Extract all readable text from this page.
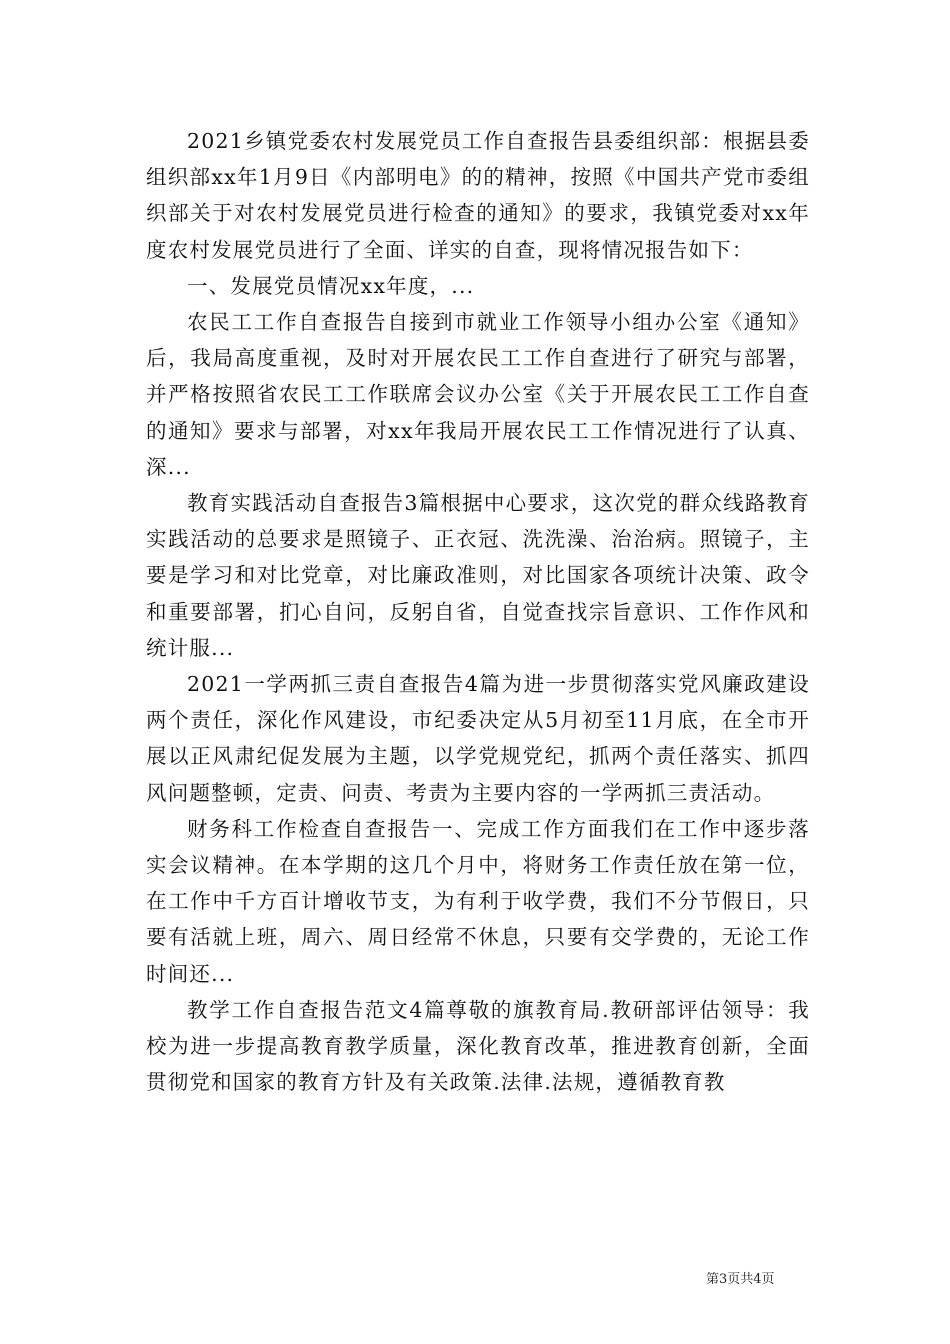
2021乡镇党委农村发展党员工作自查报告县委组织部：根据县委组织部xx年1月9日《内部明电》的的精神，按照《中国共产党市委组织部关于对农村发展党员进行检查的通知》的要求，我镇党委对xx年度农村发展党员进行了全面、详实的自查，现将情况报告如下：

一、发展党员情况xx年度，...

农民工工作自查报告自接到市就业工作领导小组办公室《通知》后，我局高度重视，及时对开展农民工工作自查进行了研究与部署，并严格按照省农民工工作联席会议办公室《关于开展农民工工作自查的通知》要求与部署，对xx年我局开展农民工工作情况进行了认真、深...

教育实践活动自查报告3篇根据中心要求，这次党的群众线路教育实践活动的总要求是照镜子、正衣冠、洗洗澡、治治病。照镜子，主要是学习和对比党章，对比廉政准则，对比国家各项统计决策、政令和重要部署，扪心自问，反躬自省，自觉查找宗旨意识、工作作风和统计服...

2021一学两抓三责自查报告4篇为进一步贯彻落实党风廉政建设两个责任，深化作风建设，市纪委决定从5月初至11月底，在全市开展以正风肃纪促发展为主题，以学党规党纪，抓两个责任落实、抓四风问题整顿，定责、问责、考责为主要内容的一学两抓三责活动。

财务科工作检查自查报告一、完成工作方面我们在工作中逐步落实会议精神。在本学期的这几个月中，将财务工作责任放在第一位，在工作中千方百计增收节支，为有利于收学费，我们不分节假日，只要有活就上班，周六、周日经常不休息，只要有交学费的，无论工作时间还...

教学工作自查报告范文4篇尊敬的旗教育局.教研部评估领导：我校为进一步提高教育教学质量，深化教育改革，推进教育创新，全面贯彻党和国家的教育方针及有关政策.法律.法规，遵循教育教

第3页共4页
